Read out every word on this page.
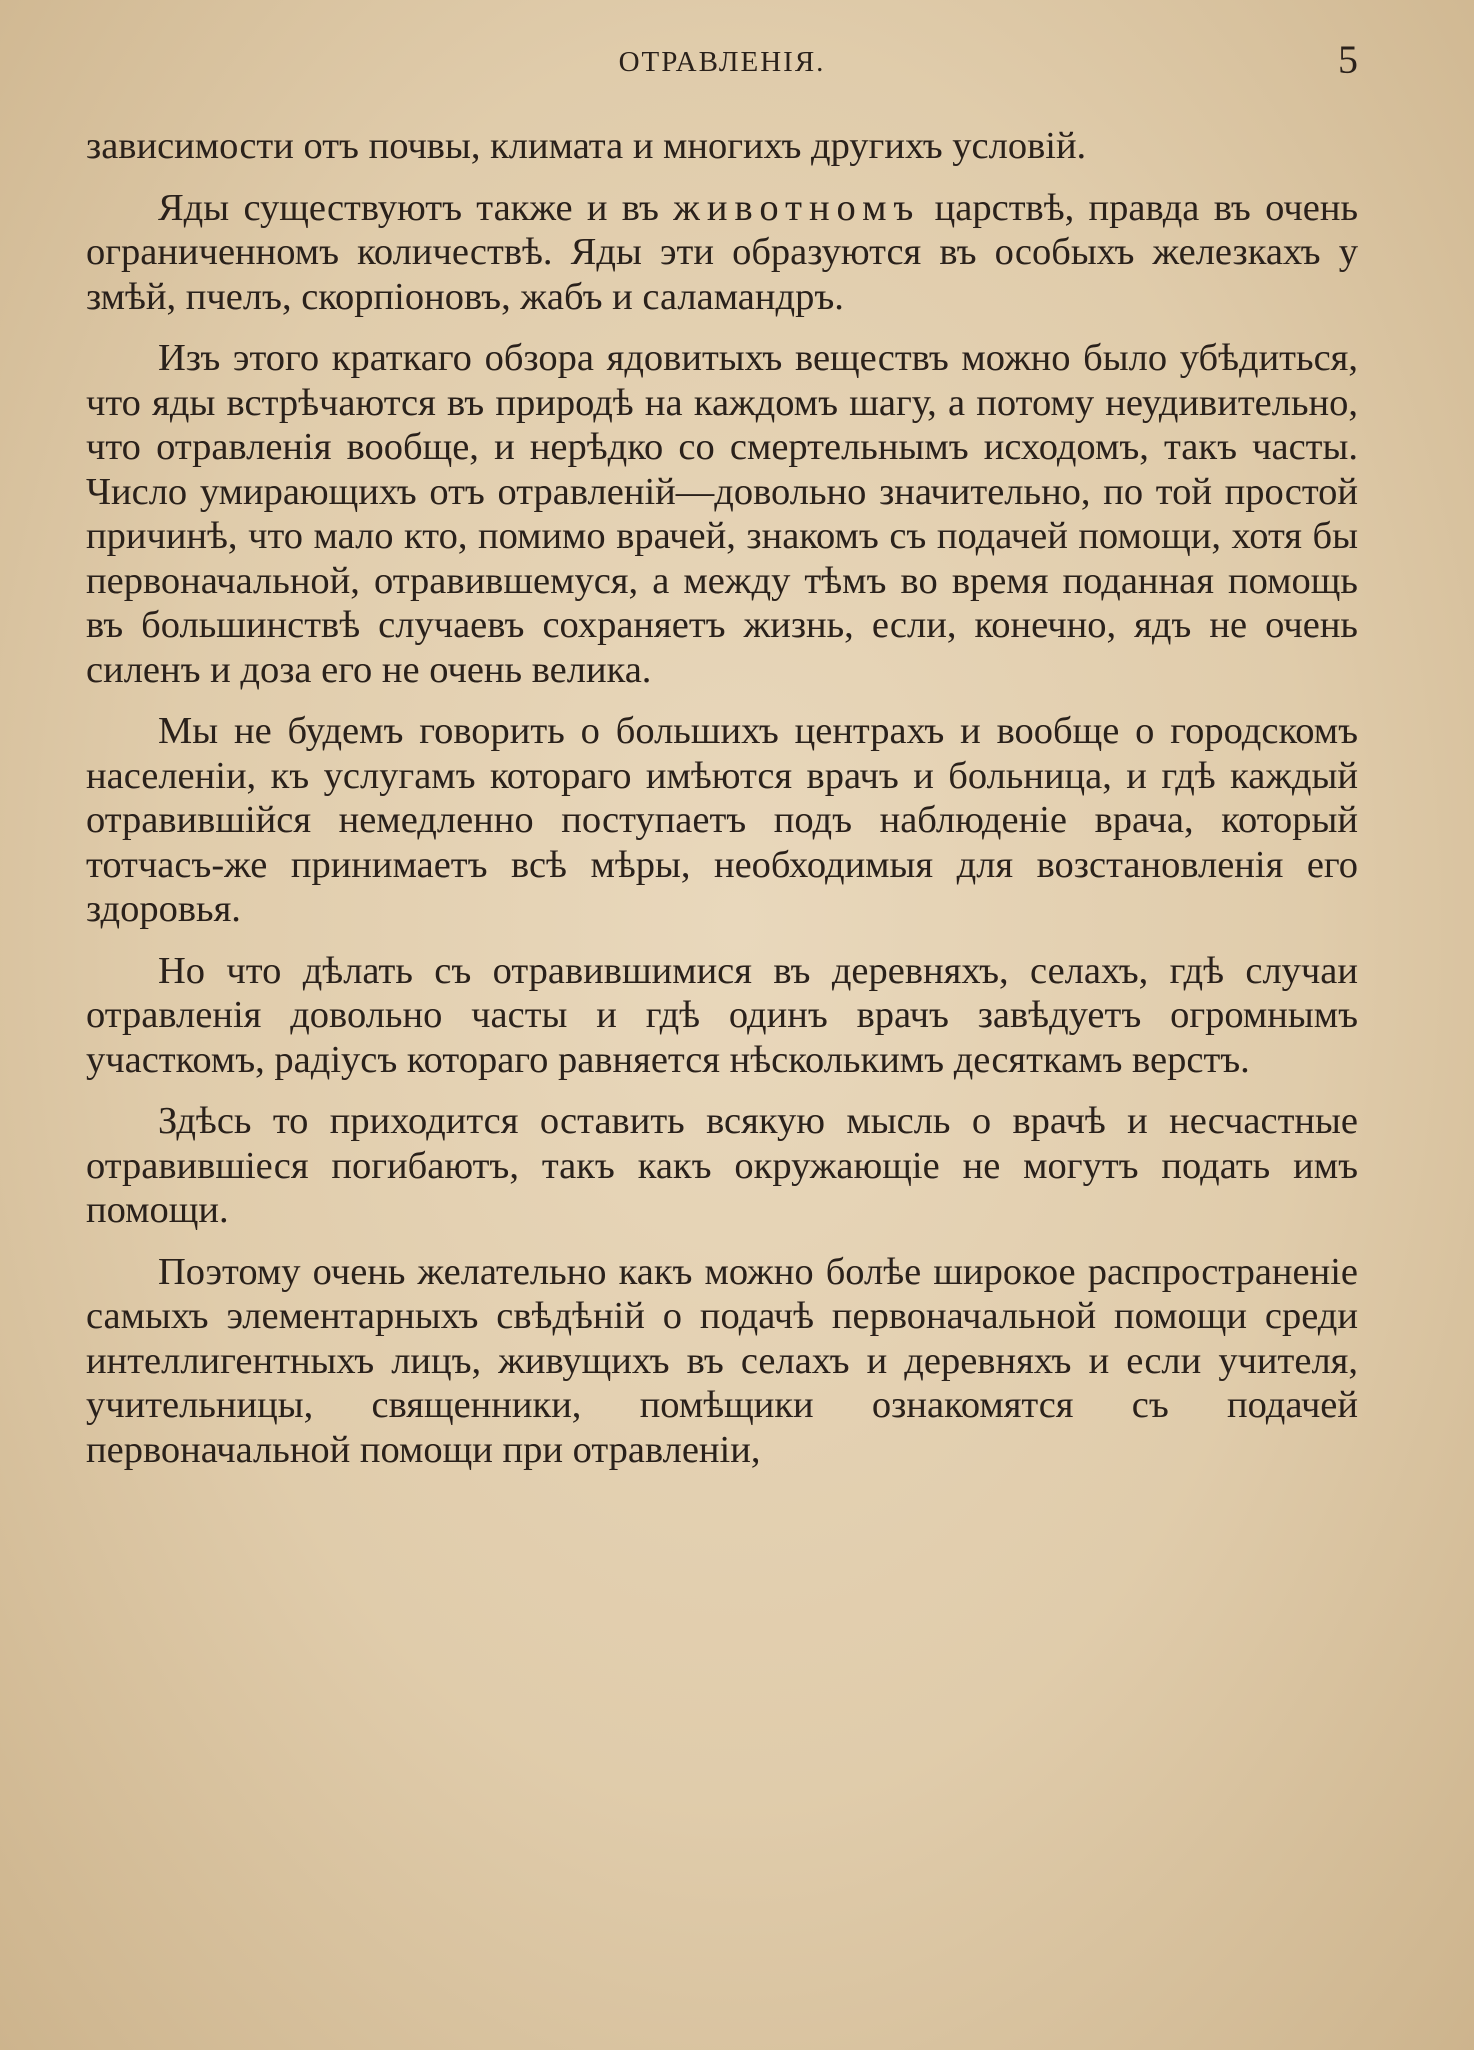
ОТРАВЛЕНІЯ.	5

зависимости отъ почвы, климата и многихъ другихъ условій.

Яды существуютъ также и въ животномъ царствѣ, правда въ очень ограниченномъ количествѣ. Яды эти образуются въ особыхъ железкахъ у змѣй, пчелъ, скорпіоновъ, жабъ и саламандръ.

Изъ этого краткаго обзора ядовитыхъ веществъ можно было убѣдиться, что яды встрѣчаются въ природѣ на каждомъ шагу, а потому неудивительно, что отравленія вообще, и нерѣдко со смертельнымъ исходомъ, такъ часты. Число умирающихъ отъ отравленій—довольно значительно, по той простой причинѣ, что мало кто, помимо врачей, знакомъ съ подачей помощи, хотя бы первоначальной, отравившемуся, а между тѣмъ во время поданная помощь въ большинствѣ случаевъ сохраняетъ жизнь, если, конечно, ядъ не очень силенъ и доза его не очень велика.

Мы не будемъ говорить о большихъ центрахъ и вообще о городскомъ населеніи, къ услугамъ котораго имѣются врачъ и больница, и гдѣ каждый отравившійся немедленно поступаетъ подъ наблюденіе врача, который тотчасъ-же принимаетъ всѣ мѣры, необходимыя для возстановленія его здоровья.

Но что дѣлать съ отравившимися въ деревняхъ, селахъ, гдѣ случаи отравленія довольно часты и гдѣ одинъ врачъ завѣдуетъ огромнымъ участкомъ, радіусъ котораго равняется нѣсколькимъ десяткамъ верстъ.

Здѣсь то приходится оставить всякую мысль о врачѣ и несчастные отравившіеся погибаютъ, такъ какъ окружающіе не могутъ подать имъ помощи.

Поэтому очень желательно какъ можно болѣе широкое распространеніе самыхъ элементарныхъ свѣдѣній о подачѣ первоначальной помощи среди интеллигентныхъ лицъ, живущихъ въ селахъ и деревняхъ и если учителя, учительницы, священники, помѣщики ознакомятся съ подачей первоначальной помощи при отравленіи,
